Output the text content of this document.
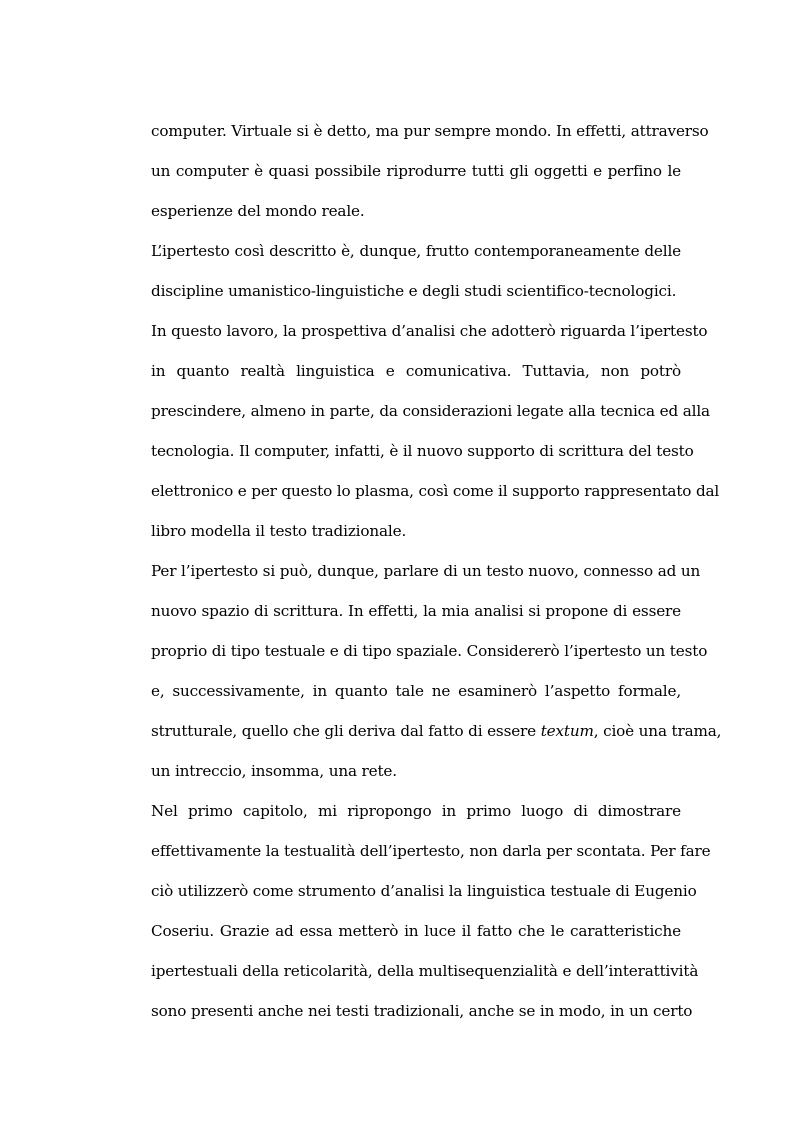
computer. Virtuale si è detto, ma pur sempre mondo. In effetti, attraverso

un computer è quasi possibile riprodurre tutti gli oggetti e perfino le

esperienze del mondo reale.

L’ipertesto così descritto è, dunque, frutto contemporaneamente delle

discipline umanistico-linguistiche e degli studi scientifico-tecnologici.

In questo lavoro, la prospettiva d’analisi che adotterò riguarda l’ipertesto

in quanto realtà linguistica e comunicativa. Tuttavia, non potrò

prescindere, almeno in parte, da considerazioni legate alla tecnica ed alla

tecnologia. Il computer, infatti, è il nuovo supporto di scrittura del testo

elettronico e per questo lo plasma, così come il supporto rappresentato dal

libro modella il testo tradizionale.

Per l’ipertesto si può, dunque, parlare di un testo nuovo, connesso ad un

nuovo spazio di scrittura. In effetti, la mia analisi si propone di essere

proprio di tipo testuale e di tipo spaziale. Considererò l’ipertesto un testo

e, successivamente, in quanto tale ne esaminerò l’aspetto formale,

strutturale, quello che gli deriva dal fatto di essere textum, cioè una trama,

un intreccio, insomma, una rete.

Nel primo capitolo, mi ripropongo in primo luogo di dimostrare

effettivamente la testualità dell’ipertesto, non darla per scontata. Per fare

ciò utilizzerò come strumento d’analisi la linguistica testuale di Eugenio

Coseriu. Grazie ad essa metterò in luce il fatto che le caratteristiche

ipertestuali della reticolarità, della multisequenzialità e dell’interattività

sono presenti anche nei testi tradizionali, anche se in modo, in un certo
